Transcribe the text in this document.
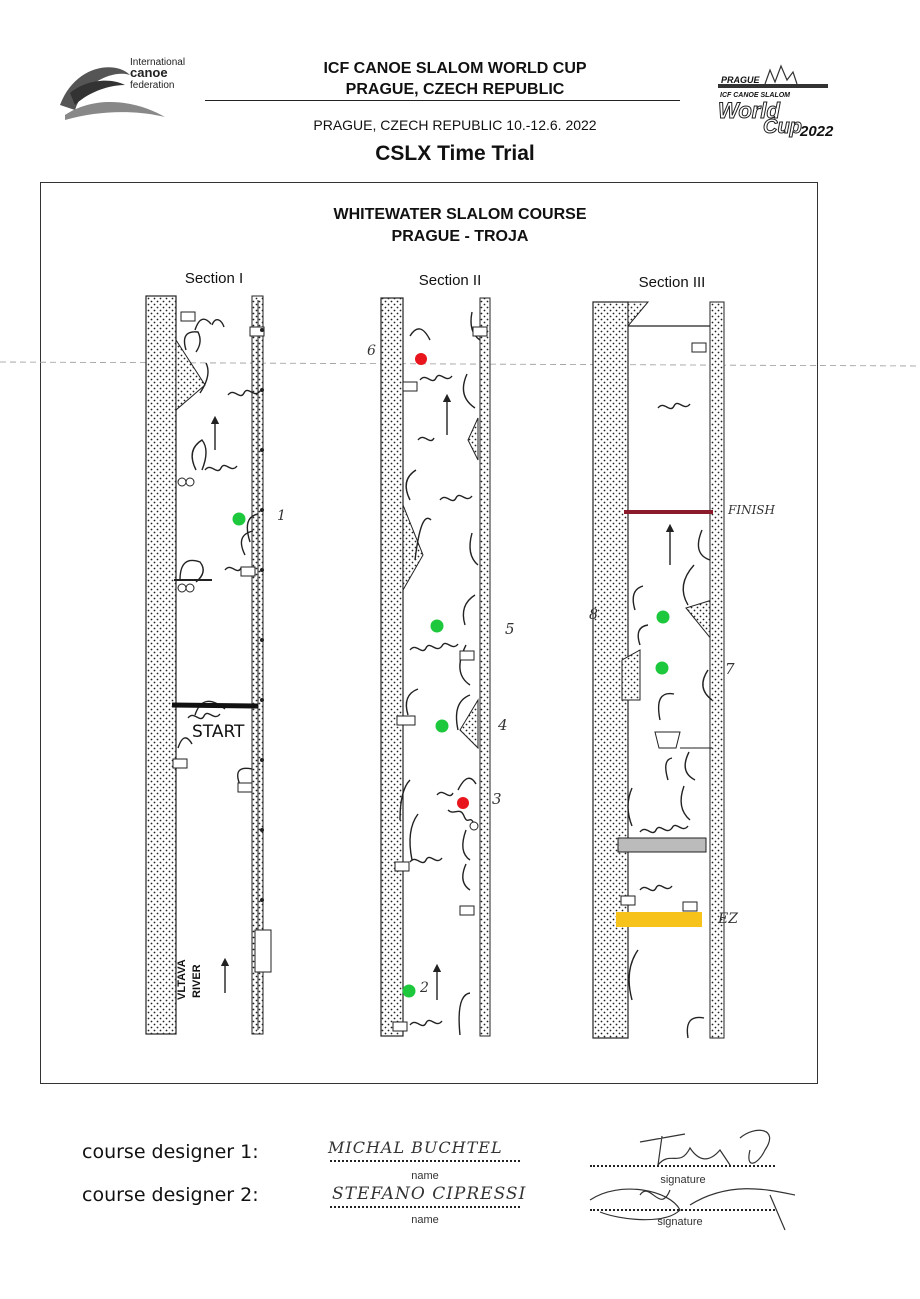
International
canoe
federation
ICF CANOE SLALOM WORLD CUP
PRAGUE, CZECH REPUBLIC
PRAGUE, CZECH REPUBLIC 10.-12.6. 2022
CSLX Time Trial
PRAGUE
ICF CANOE SLALOM
World
Cup
2022
WHITEWATER SLALOM COURSE
PRAGUE - TROJA
Section I	Section II	Section III
START
VLTAVA RIVER
1
2
3
4
5
6
7
8
FINISH
EZ
course designer 1:
course designer 2:
MICHAL BUCHTEL
name
STEFANO CIPRESSI
name
signature
signature
